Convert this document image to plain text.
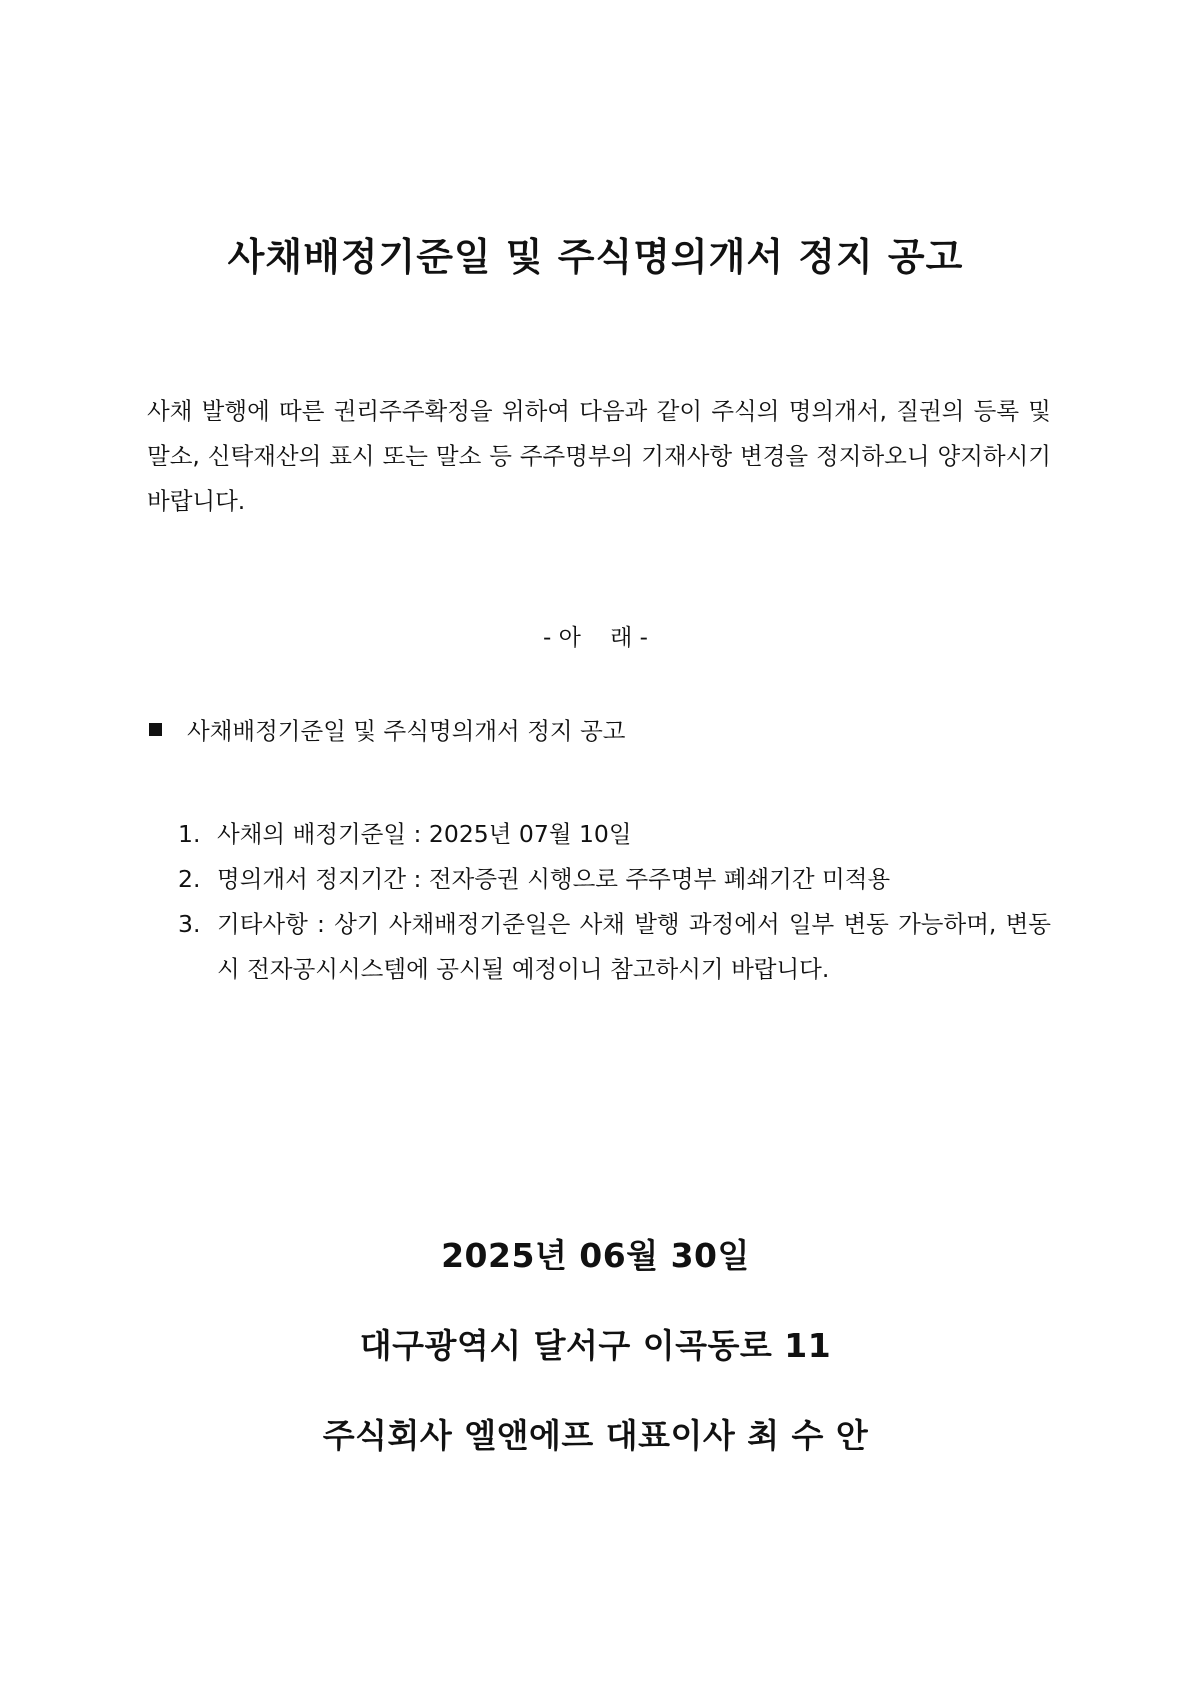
사채배정기준일 및 주식명의개서 정지 공고

사채 발행에 따른 권리주주확정을 위하여 다음과 같이 주식의 명의개서, 질권의 등록 및 말소, 신탁재산의 표시 또는 말소 등 주주명부의 기재사항 변경을 정지하오니 양지하시기 바랍니다.

- 아    래 -

사채배정기준일 및 주식명의개서 정지 공고
1. 사채의 배정기준일 : 2025년 07월 10일
2. 명의개서 정지기간 : 전자증권 시행으로 주주명부 폐쇄기간 미적용
3. 기타사항 : 상기 사채배정기준일은 사채 발행 과정에서 일부 변동 가능하며, 변동 시 전자공시시스템에 공시될 예정이니 참고하시기 바랍니다.

2025년 06월 30일

대구광역시 달서구 이곡동로 11

주식회사 엘앤에프 대표이사 최 수 안
